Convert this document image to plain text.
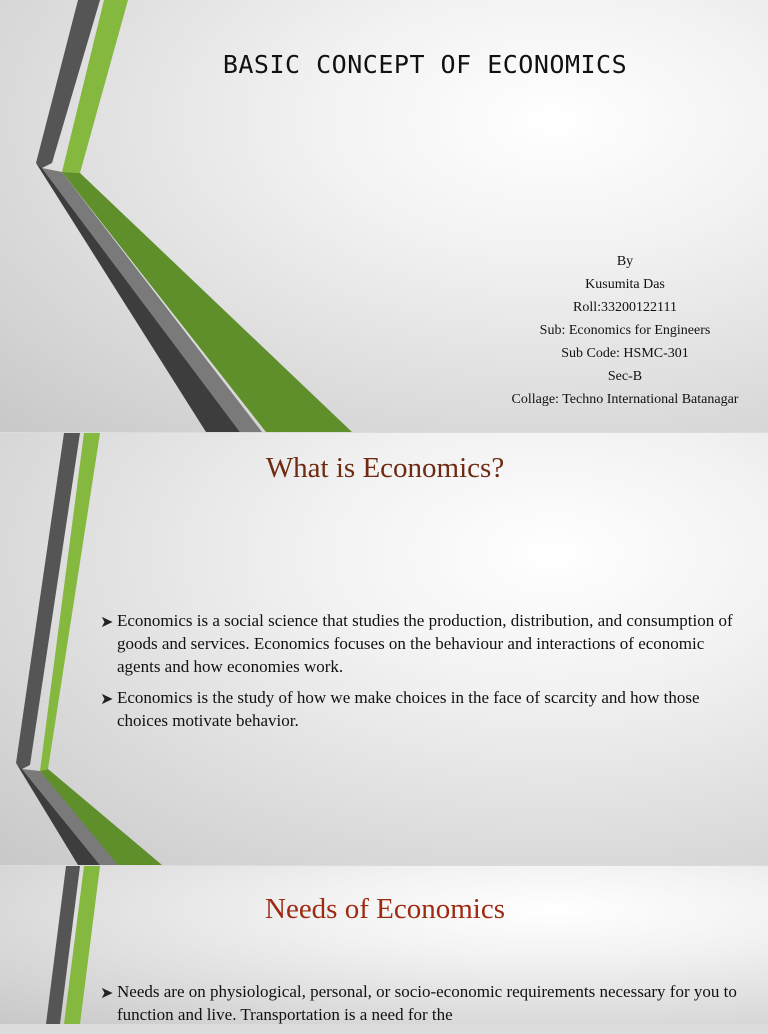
BASIC CONCEPT OF ECONOMICS
By
Kusumita Das
Roll:33200122111
Sub: Economics for Engineers
Sub Code: HSMC-301
Sec-B
Collage: Techno International Batanagar
What is Economics?
➤ Economics is a social science that studies the production, distribution, and consumption of goods and services. Economics focuses on the behaviour and interactions of economic agents and how economies work.
➤ Economics is the study of how we make choices in the face of scarcity and how those choices motivate behavior.
Needs of Economics
➤ Needs are on physiological, personal, or socio-economic requirements necessary for you to function and live. Transportation is a need for the
